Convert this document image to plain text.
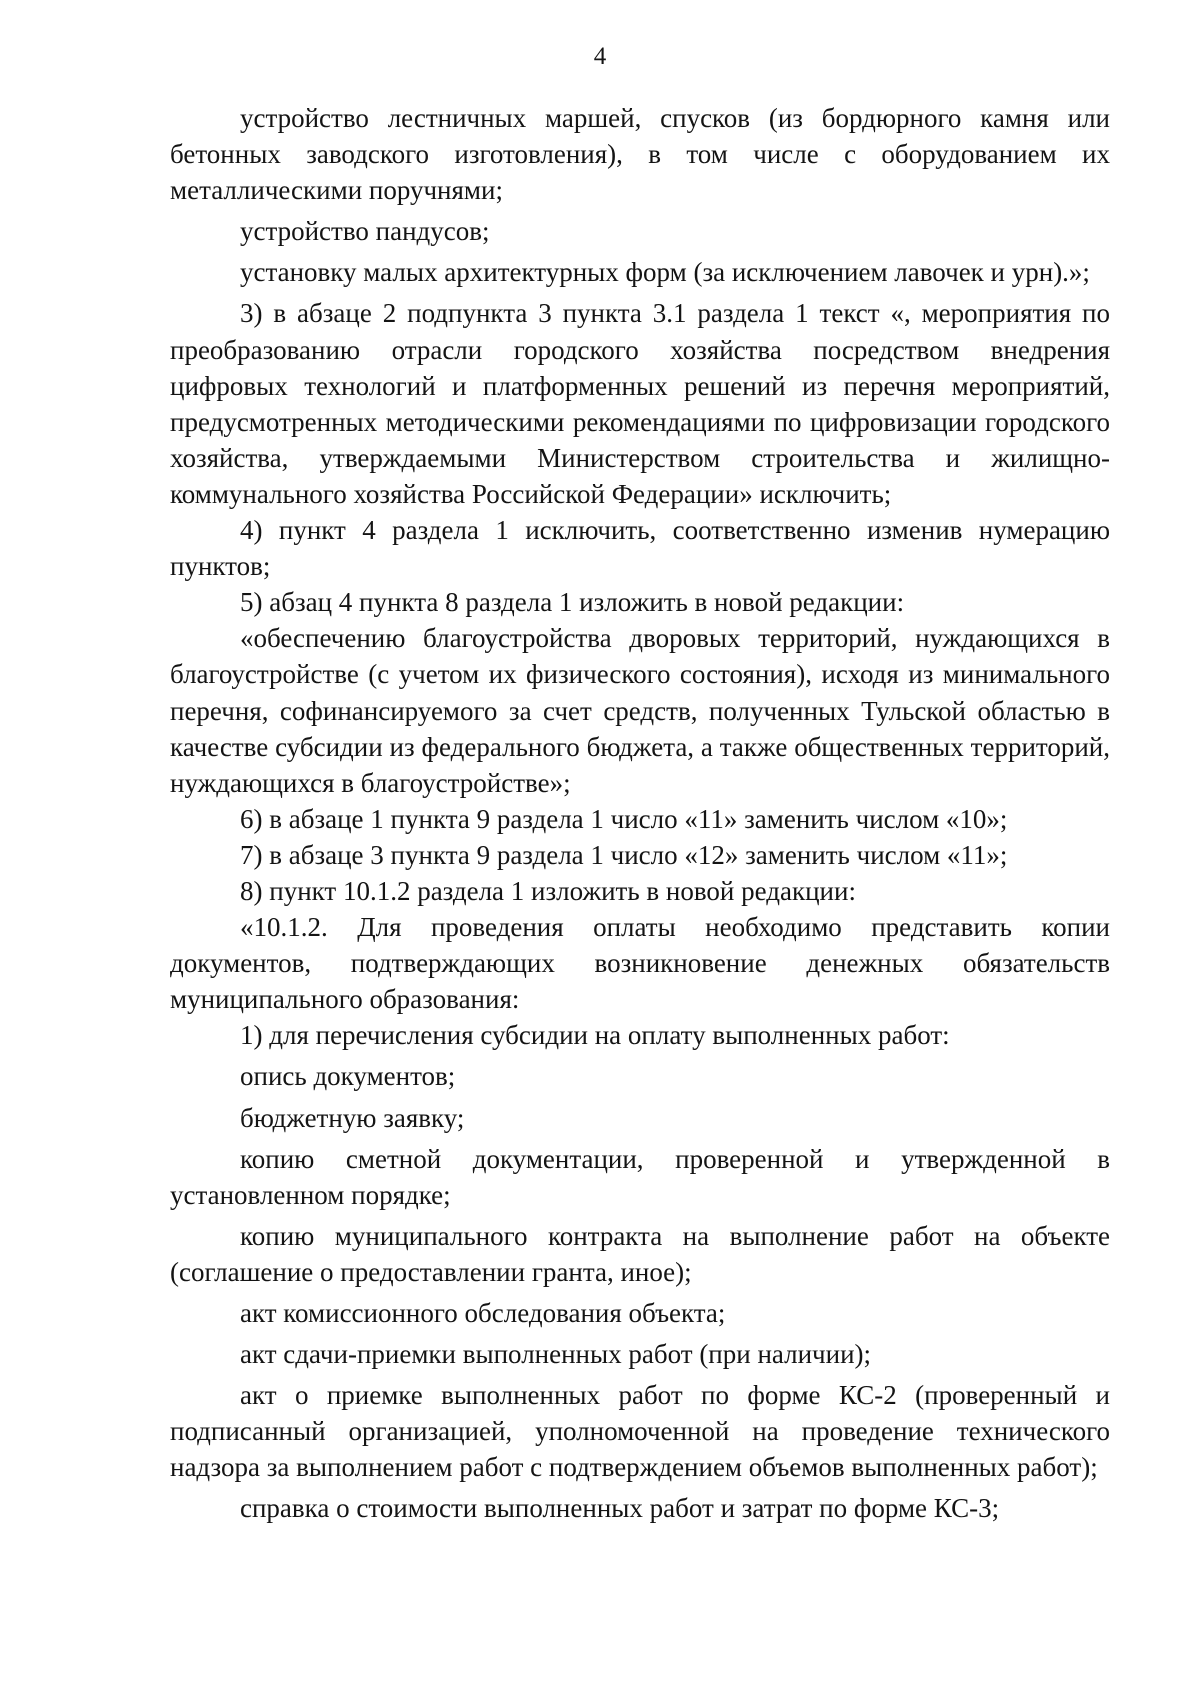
4

устройство лестничных маршей, спусков (из бордюрного камня или бетонных заводского изготовления), в том числе с оборудованием их металлическими поручнями;

устройство пандусов;

установку малых архитектурных форм (за исключением лавочек и урн).»;

3) в абзаце 2 подпункта 3 пункта 3.1 раздела 1 текст «, мероприятия по преобразованию отрасли городского хозяйства посредством внедрения цифровых технологий и платформенных решений из перечня мероприятий, предусмотренных методическими рекомендациями по цифровизации городского хозяйства, утверждаемыми Министерством строительства и жилищно-коммунального хозяйства Российской Федерации» исключить;

4) пункт 4 раздела 1 исключить, соответственно изменив нумерацию пунктов;

5) абзац 4 пункта 8 раздела 1 изложить в новой редакции:

«обеспечению благоустройства дворовых территорий, нуждающихся в благоустройстве (с учетом их физического состояния), исходя из минимального перечня, софинансируемого за счет средств, полученных Тульской областью в качестве субсидии из федерального бюджета, а также общественных территорий, нуждающихся в благоустройстве»;

6) в абзаце 1 пункта 9 раздела 1 число «11» заменить числом «10»;

7) в абзаце 3 пункта 9 раздела 1 число «12» заменить числом «11»;

8) пункт 10.1.2 раздела 1 изложить в новой редакции:

«10.1.2. Для проведения оплаты необходимо представить копии документов, подтверждающих возникновение денежных обязательств муниципального образования:

1) для перечисления субсидии на оплату выполненных работ:

опись документов;

бюджетную заявку;

копию сметной документации, проверенной и утвержденной в установленном порядке;

копию муниципального контракта на выполнение работ на объекте (соглашение о предоставлении гранта, иное);

акт комиссионного обследования объекта;

акт сдачи-приемки выполненных работ (при наличии);

акт о приемке выполненных работ по форме КС-2 (проверенный и подписанный организацией, уполномоченной на проведение технического надзора за выполнением работ с подтверждением объемов выполненных работ);

справка о стоимости выполненных работ и затрат по форме КС-3;
